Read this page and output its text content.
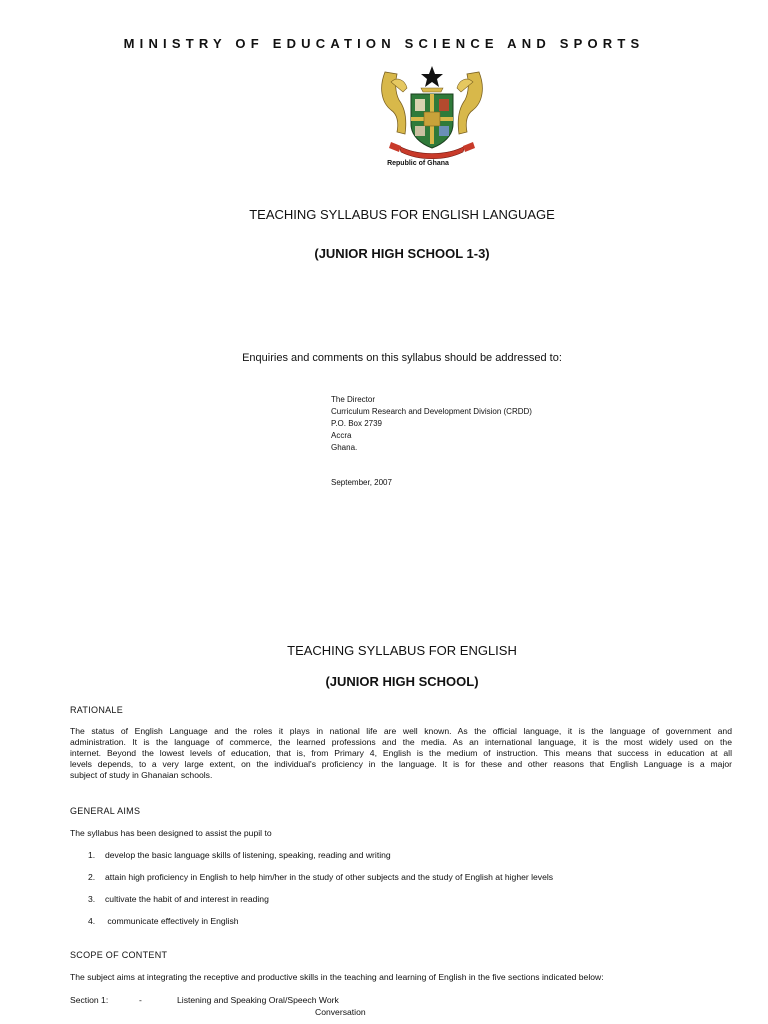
MINISTRY OF EDUCATION SCIENCE AND SPORTS
Republic of Ghana
TEACHING SYLLABUS FOR ENGLISH LANGUAGE
(JUNIOR HIGH SCHOOL 1-3)
Enquiries and comments on this syllabus should be addressed to:
The Director
Curriculum Research and Development Division (CRDD)
P.O. Box 2739
Accra
Ghana.
September, 2007
TEACHING SYLLABUS FOR ENGLISH
(JUNIOR HIGH SCHOOL)
RATIONALE
The status of English Language and the roles it plays in national life are well known. As the official language, it is the language of government and
administration. It is the language of commerce, the learned professions and the media. As an international language, it is the most widely used on the
internet. Beyond the lowest levels of education, that is, from Primary 4, English is the medium of instruction. This means that success in education at all
levels depends, to a very large extent, on the individual's proficiency in the language. It is for these and other reasons that English Language is a major
subject of study in Ghanaian schools.
GENERAL AIMS
The syllabus has been designed to assist the pupil to
1. develop the basic language skills of listening, speaking, reading and writing
2. attain high proficiency in English to help him/her in the study of other subjects and the study of English at higher levels
3. cultivate the habit of and interest in reading
4. communicate effectively in English
SCOPE OF CONTENT
The subject aims at integrating the receptive and productive skills in the teaching and learning of English in the five sections indicated below:
Section 1:	-	Listening and Speaking Oral/Speech Work
Conversation
